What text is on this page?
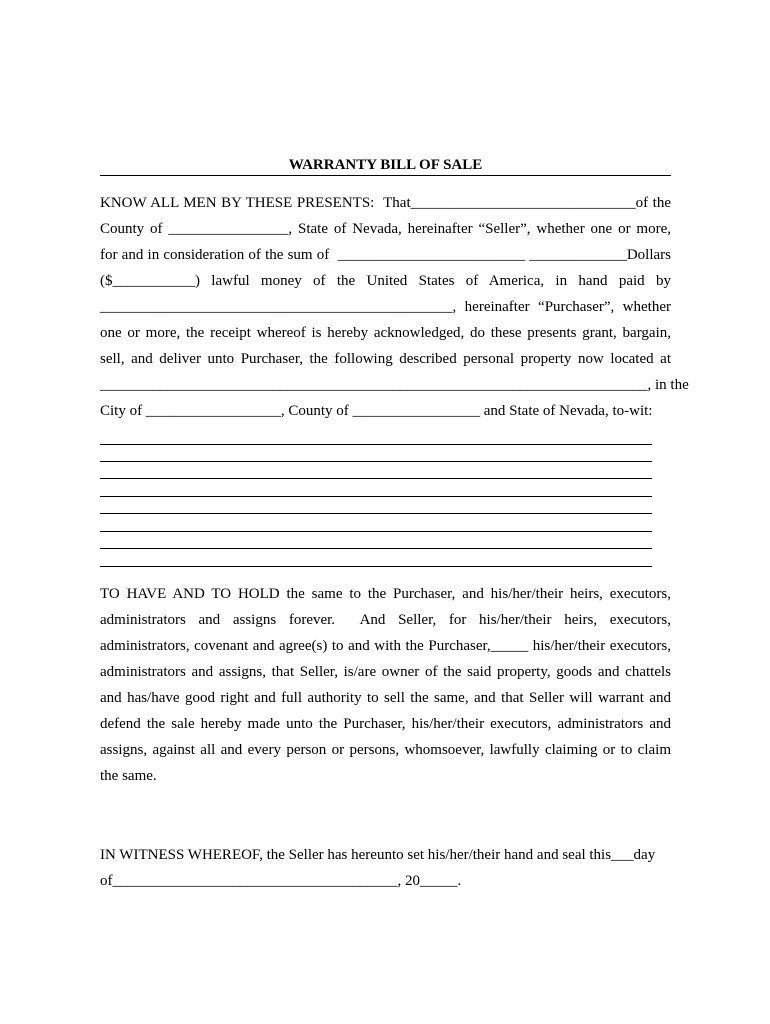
WARRANTY BILL OF SALE
KNOW ALL MEN BY THESE PRESENTS:  That______________________________of the
County of ________________, State of Nevada, hereinafter “Seller”, whether one or more,
for and in consideration of the sum of  _________________________ _____________Dollars
($___________) lawful money of the United States of America, in hand paid by
_______________________________________________, hereinafter “Purchaser”, whether
one or more, the receipt whereof is hereby acknowledged, do these presents grant, bargain,
sell, and deliver unto Purchaser, the following described personal property now located at
_________________________________________________________________________, in the
City of __________________, County of _________________ and State of Nevada, to-wit:
TO HAVE AND TO HOLD the same to the Purchaser, and his/her/their heirs, executors,
administrators and assigns forever.  And Seller, for his/her/their heirs, executors,
administrators, covenant and agree(s) to and with the Purchaser,_____ his/her/their executors,
administrators and assigns, that Seller, is/are owner of the said property, goods and chattels
and has/have good right and full authority to sell the same, and that Seller will warrant and
defend the sale hereby made unto the Purchaser, his/her/their executors, administrators and
assigns, against all and every person or persons, whomsoever, lawfully claiming or to claim
the same.
IN WITNESS WHEREOF, the Seller has hereunto set his/her/their hand and seal this___day
of______________________________________, 20_____.
